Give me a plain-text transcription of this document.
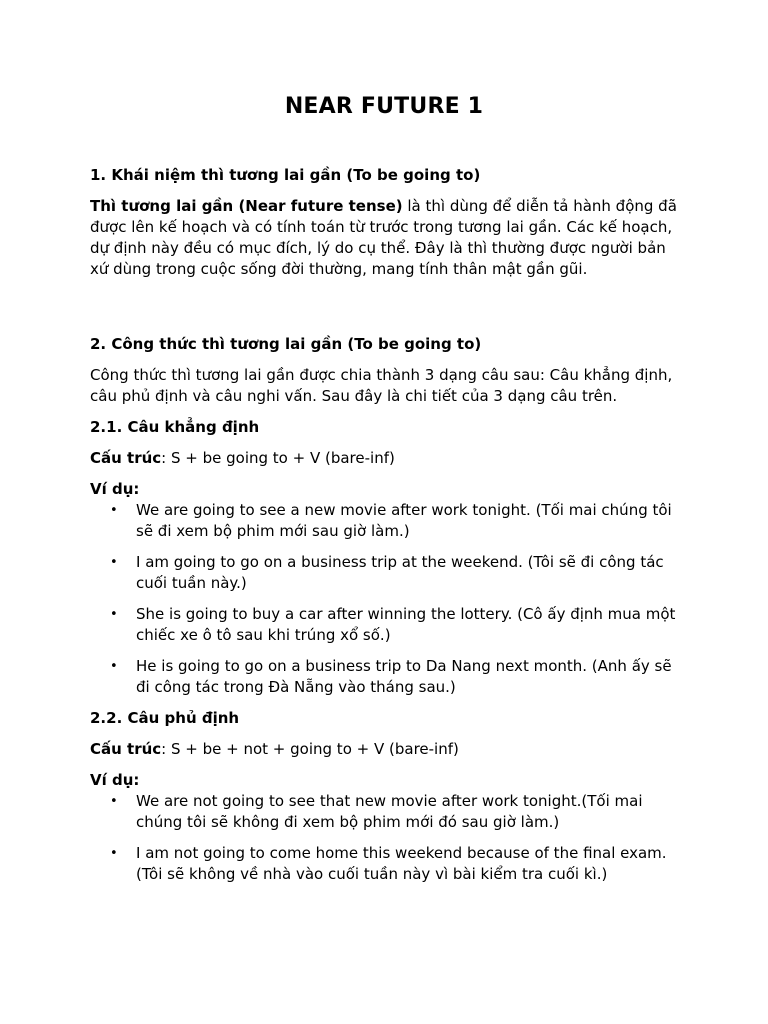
NEAR FUTURE 1

1. Khái niệm thì tương lai gần (To be going to)

Thì tương lai gần (Near future tense) là thì dùng để diễn tả hành động đã được lên kế hoạch và có tính toán từ trước trong tương lai gần. Các kế hoạch, dự định này đều có mục đích, lý do cụ thể. Đây là thì thường được người bản xứ dùng trong cuộc sống đời thường, mang tính thân mật gần gũi.

2. Công thức thì tương lai gần (To be going to)

Công thức thì tương lai gần được chia thành 3 dạng câu sau: Câu khẳng định, câu phủ định và câu nghi vấn. Sau đây là chi tiết của 3 dạng câu trên.

2.1. Câu khẳng định

Cấu trúc: S + be going to + V (bare-inf)

Ví dụ:

• We are going to see a new movie after work tonight. (Tối mai chúng tôi sẽ đi xem bộ phim mới sau giờ làm.)
• I am going to go on a business trip at the weekend. (Tôi sẽ đi công tác cuối tuần này.)
• She is going to buy a car after winning the lottery. (Cô ấy định mua một chiếc xe ô tô sau khi trúng xổ số.)
• He is going to go on a business trip to Da Nang next month. (Anh ấy sẽ đi công tác trong Đà Nẵng vào tháng sau.)

2.2. Câu phủ định

Cấu trúc: S + be + not + going to + V (bare-inf)

Ví dụ:

• We are not going to see that new movie after work tonight.(Tối mai chúng tôi sẽ không đi xem bộ phim mới đó sau giờ làm.)
• I am not going to come home this weekend because of the final exam. (Tôi sẽ không về nhà vào cuối tuần này vì bài kiểm tra cuối kì.)
